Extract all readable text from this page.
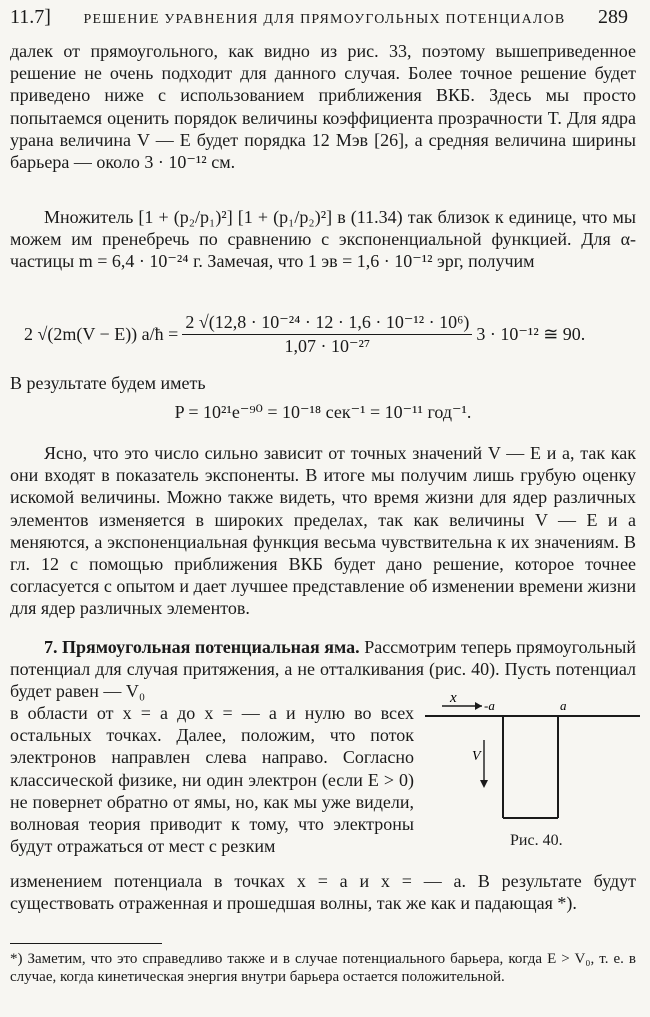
11.7] РЕШЕНИЕ УРАВНЕНИЯ ДЛЯ ПРЯМОУГОЛЬНЫХ ПОТЕНЦИАЛОВ 289

далек от прямоугольного, как видно из рис. 33, поэтому вышеприведенное решение не очень подходит для данного случая. Более точное решение будет приведено ниже с использованием приближения ВКБ. Здесь мы просто попытаемся оценить порядок величины коэффициента прозрачности T. Для ядра урана величина V — E будет порядка 12 Мэв [26], а средняя величина ширины барьера — около 3 · 10⁻¹² см.

Множитель [1 + (p₂/p₁)²] [1 + (p₁/p₂)²] в (11.34) так близок к единице, что мы можем им пренебречь по сравнению с экспоненциальной функцией. Для α-частицы m = 6,4 · 10⁻²⁴ г. Замечая, что 1 эв = 1,6 · 10⁻¹² эрг, получим

2 √(2m(V − E)) a/ħ = $\frac{\text{2 √(12,8 · 10⁻²⁴ · 12 · 1,6 · 10⁻¹² · 10⁶)}}{\text{1,07 · 10⁻²⁷}} 3 \cdot 10^{-12}$ ≅ 90.

В результате будем иметь

P = 10²¹e⁻⁹⁰ = 10⁻¹⁸ сек⁻¹ = 10⁻¹¹ год⁻¹.

Ясно, что это число сильно зависит от точных значений V — E и a, так как они входят в показатель экспоненты. В итоге мы получим лишь грубую оценку искомой величины. Можно также видеть, что время жизни для ядер различных элементов изменяется в широких пределах, так как величины V — E и a меняются, а экспоненциальная функция весьма чувствительна к их значениям. В гл. 12 с помощью приближения ВКБ будет дано решение, которое точнее согласуется с опытом и дает лучшее представление об изменении времени жизни для ядер различных элементов.

7. Прямоугольная потенциальная яма. Рассмотрим теперь прямоугольный потенциал для случая притяжения, а не отталкивания (рис. 40). Пусть потенциал будет равен — V₀

в области от x = a до x = — a и нулю во всех остальных точках. Далее, положим, что поток электронов направлен слева направо. Согласно классической физике, ни один электрон (если E > 0) не повернет обратно от ямы, но, как мы уже видели, волновая теория приводит к тому, что электроны будут отражаться от мест с резким
x -a	a
V
Рис. 40.

изменением потенциала в точках x = a и x = — a. В результате будут существовать отраженная и прошедшая волны, так же как и падающая *).

*) Заметим, что это справедливо также и в случае потенциального барьера, когда E > V₀, т. е. в случае, когда кинетическая энергия внутри барьера остается положительной.
